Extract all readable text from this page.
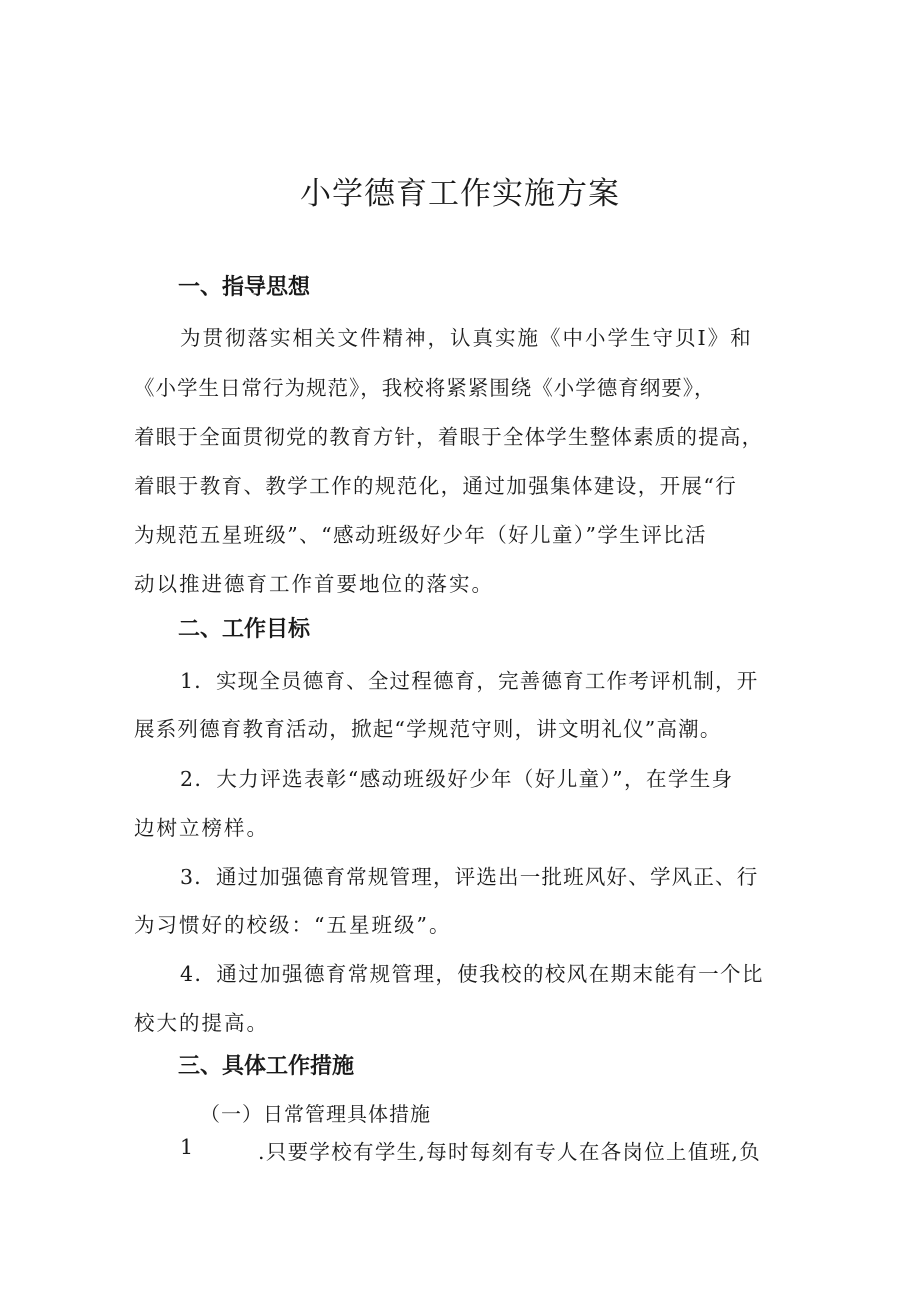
小学德育工作实施方案
一、指导思想
为贯彻落实相关文件精神，认真实施《中小学生守贝I》和
《小学生日常行为规范》，我校将紧紧围绕《小学德育纲要》，
着眼于全面贯彻党的教育方针，着眼于全体学生整体素质的提高，
着眼于教育、教学工作的规范化，通过加强集体建设，开展“行
为规范五星班级”、“感动班级好少年（好儿童）”学生评比活
动以推进德育工作首要地位的落实。
二、工作目标
1．实现全员德育、全过程德育，完善德育工作考评机制，开
展系列德育教育活动，掀起“学规范守则，讲文明礼仪”高潮。
2．大力评选表彰“感动班级好少年（好儿童）”，在学生身
边树立榜样。
3．通过加强德育常规管理，评选出一批班风好、学风正、行
为习惯好的校级：“五星班级”。
4．通过加强德育常规管理，使我校的校风在期末能有一个比
校大的提高。
三、具体工作措施
（一）日常管理具体措施
1	.只要学校有学生,每时每刻有专人在各岗位上值班,负
